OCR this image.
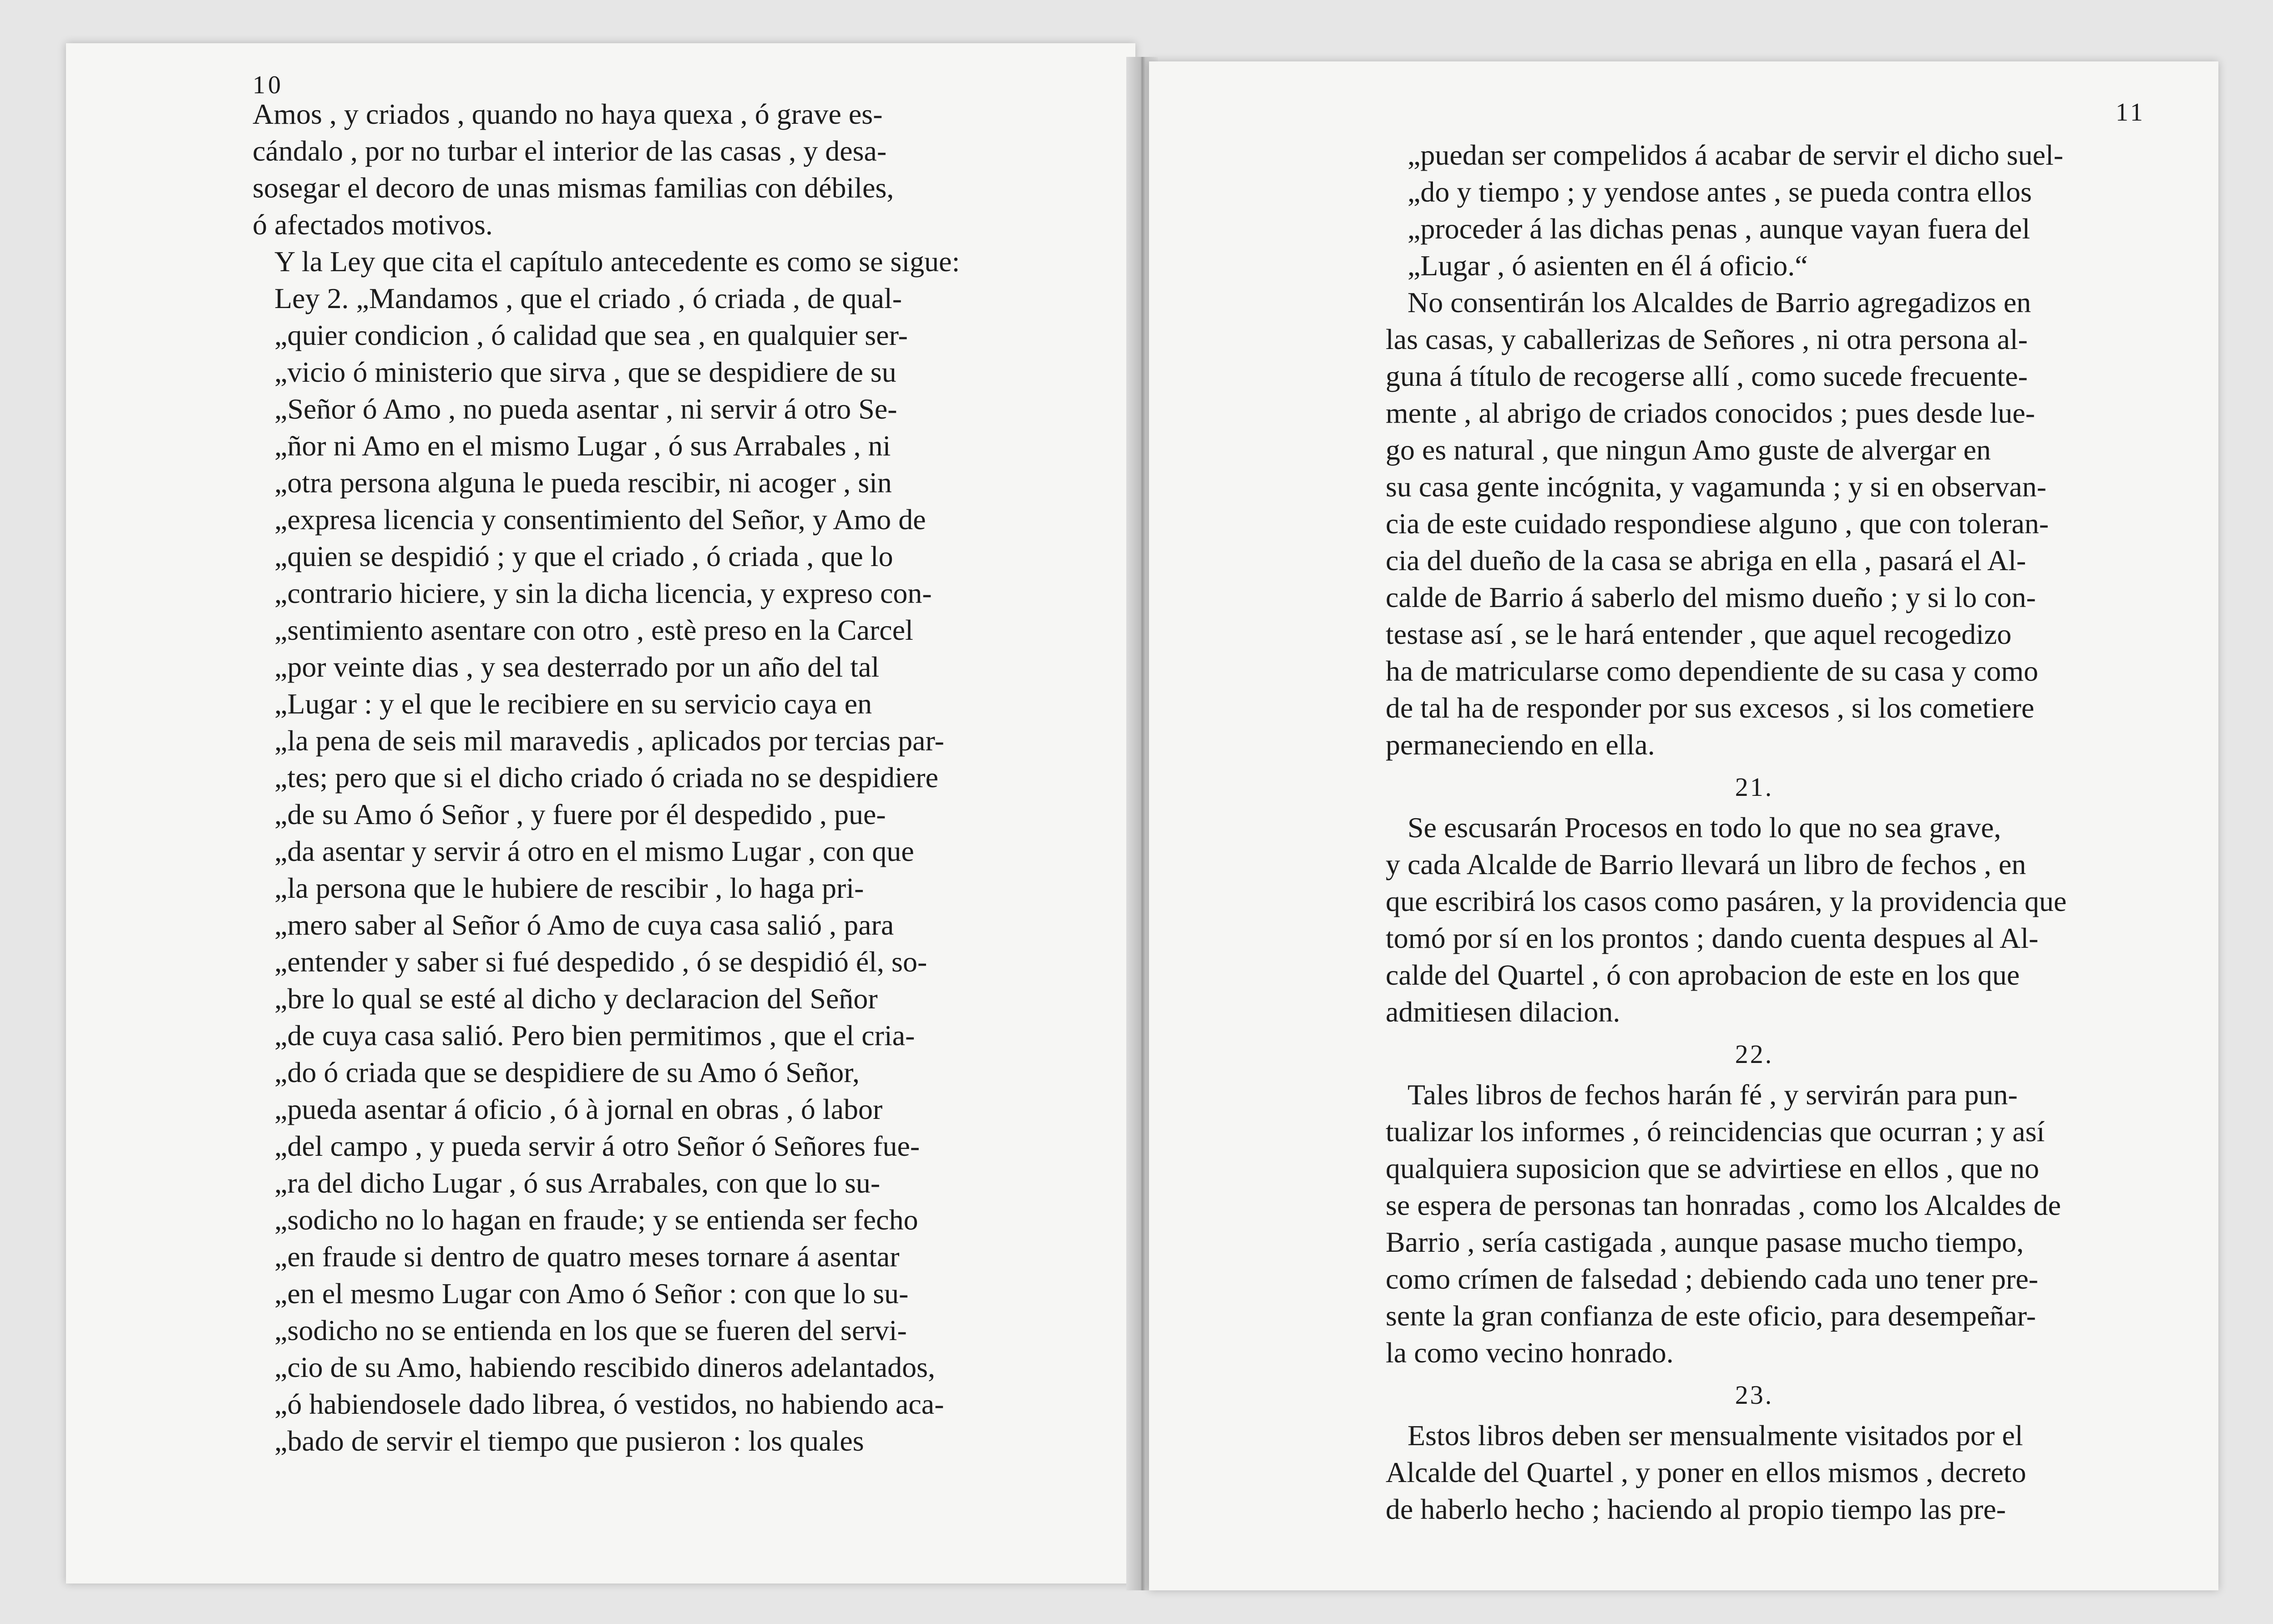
10

Amos , y criados , quando no haya quexa , ó grave es-

cándalo , por no turbar el interior de las casas , y desa-

sosegar el decoro de unas mismas familias con débiles,

ó afectados motivos.

Y la Ley que cita el capítulo antecedente es como se sigue:

Ley 2. „Mandamos , que el criado , ó criada , de qual-

„quier condicion , ó calidad que sea , en qualquier ser-

„vicio ó ministerio que sirva , que se despidiere de su

„Señor ó Amo , no pueda asentar , ni servir á otro Se-

„ñor ni Amo en el mismo Lugar , ó sus Arrabales , ni

„otra persona alguna le pueda rescibir, ni acoger , sin

„expresa licencia y consentimiento del Señor, y Amo de

„quien se despidió ; y que el criado , ó criada , que lo

„contrario hiciere, y sin la dicha licencia, y expreso con-

„sentimiento asentare con otro , estè preso en la Carcel

„por veinte dias , y sea desterrado por un año del tal

„Lugar : y el que le recibiere en su servicio caya en

„la pena de seis mil maravedis , aplicados por tercias par-

„tes; pero que si el dicho criado ó criada no se despidiere

„de su Amo ó Señor , y fuere por él despedido , pue-

„da asentar y servir á otro en el mismo Lugar , con que

„la persona que le hubiere de rescibir , lo haga pri-

„mero saber al Señor ó Amo de cuya casa salió , para

„entender y saber si fué despedido , ó se despidió él, so-

„bre lo qual se esté al dicho y declaracion del Señor

„de cuya casa salió. Pero bien permitimos , que el cria-

„do ó criada que se despidiere de su Amo ó Señor,

„pueda asentar á oficio , ó à jornal en obras , ó labor

„del campo , y pueda servir á otro Señor ó Señores fue-

„ra del dicho Lugar , ó sus Arrabales, con que lo su-

„sodicho no lo hagan en fraude; y se entienda ser fecho

„en fraude si dentro de quatro meses tornare á asentar

„en el mesmo Lugar con Amo ó Señor : con que lo su-

„sodicho no se entienda en los que se fueren del servi-

„cio de su Amo, habiendo rescibido dineros adelantados,

„ó habiendosele dado librea, ó vestidos, no habiendo aca-

„bado de servir el tiempo que pusieron : los quales

11

„puedan ser compelidos á acabar de servir el dicho suel-

„do y tiempo ; y yendose antes , se pueda contra ellos

„proceder á las dichas penas , aunque vayan fuera del

„Lugar , ó asienten en él á oficio.“

No consentirán los Alcaldes de Barrio agregadizos en

las casas, y caballerizas de Señores , ni otra persona al-

guna á título de recogerse allí , como sucede frecuente-

mente , al abrigo de criados conocidos ; pues desde lue-

go es natural , que ningun Amo guste de alvergar en

su casa gente incógnita, y vagamunda ; y si en observan-

cia de este cuidado respondiese alguno , que con toleran-

cia del dueño de la casa se abriga en ella , pasará el Al-

calde de Barrio á saberlo del mismo dueño ; y si lo con-

testase así , se le hará entender , que aquel recogedizo

ha de matricularse como dependiente de su casa y como

de tal ha de responder por sus excesos , si los cometiere

permaneciendo en ella.

21.

Se escusarán Procesos en todo lo que no sea grave,

y cada Alcalde de Barrio llevará un libro de fechos , en

que escribirá los casos como pasáren, y la providencia que

tomó por sí en los prontos ; dando cuenta despues al Al-

calde del Quartel , ó con aprobacion de este en los que

admitiesen dilacion.

22.

Tales libros de fechos harán fé , y servirán para pun-

tualizar los informes , ó reincidencias que ocurran ; y así

qualquiera suposicion que se advirtiese en ellos , que no

se espera de personas tan honradas , como los Alcaldes de

Barrio , sería castigada , aunque pasase mucho tiempo,

como crímen de falsedad ; debiendo cada uno tener pre-

sente la gran confianza de este oficio, para desempeñar-

la como vecino honrado.

23.

Estos libros deben ser mensualmente visitados por el

Alcalde del Quartel , y poner en ellos mismos , decreto

de haberlo hecho ; haciendo al propio tiempo las pre-
